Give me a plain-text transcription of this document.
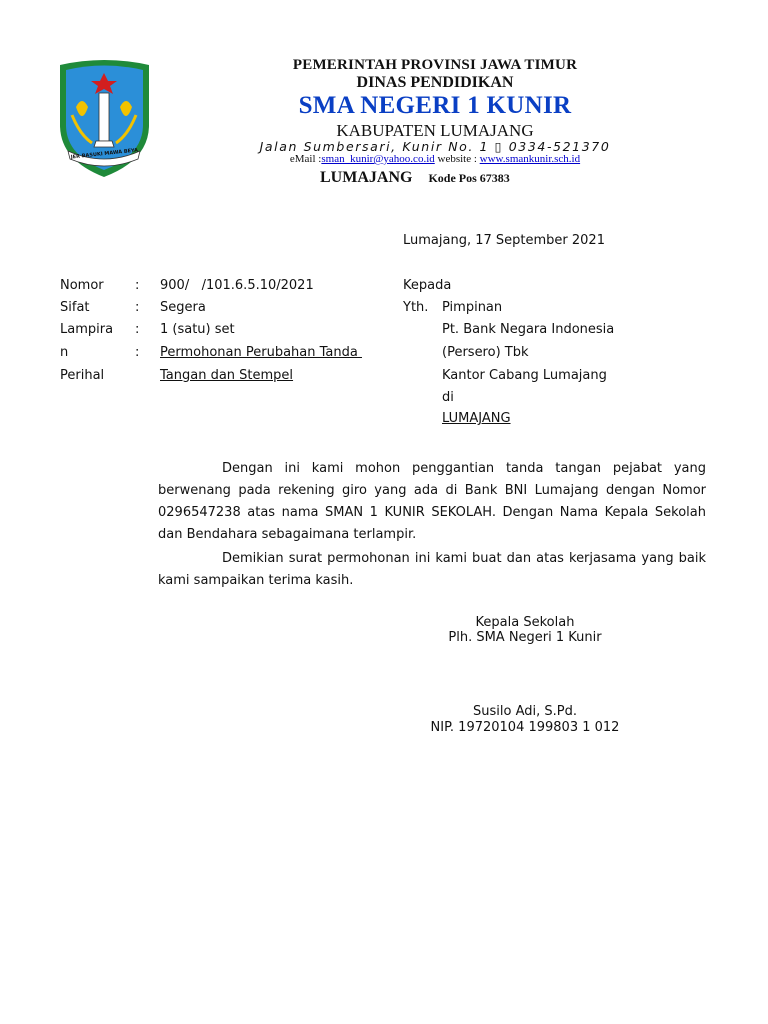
JER BASUKI MAWA BEYA
PEMERINTAH PROVINSI JAWA TIMUR
DINAS PENDIDIKAN
SMA NEGERI 1 KUNIR
KABUPATEN LUMAJANG
Jalan Sumbersari, Kunir No. 1 ▯ 0334-521370
eMail :sman_kunir@yahoo.co.id website : www.smankunir.sch.id
LUMAJANG Kode Pos 67383
Lumajang, 17 September 2021
Nomor : 900/   /101.6.5.10/2021
Sifat	: Segera
Lampira : 1 (satu) set
n	: Permohonan Perubahan Tanda
Perihal	Tangan dan Stempel
Kepada
Yth. Pimpinan
Pt. Bank Negara Indonesia
(Persero) Tbk
Kantor Cabang Lumajang
di
LUMAJANG
Dengan ini kami mohon penggantian tanda tangan pejabat yang berwenang pada rekening giro yang ada di Bank BNI Lumajang dengan Nomor 0296547238 atas nama SMAN 1 KUNIR SEKOLAH. Dengan Nama Kepala Sekolah dan Bendahara sebagaimana terlampir.
Demikian surat permohonan ini kami buat dan atas kerjasama yang baik kami sampaikan terima kasih.
Kepala Sekolah
Plh. SMA Negeri 1 Kunir
Susilo Adi, S.Pd.
NIP. 19720104 199803 1 012
